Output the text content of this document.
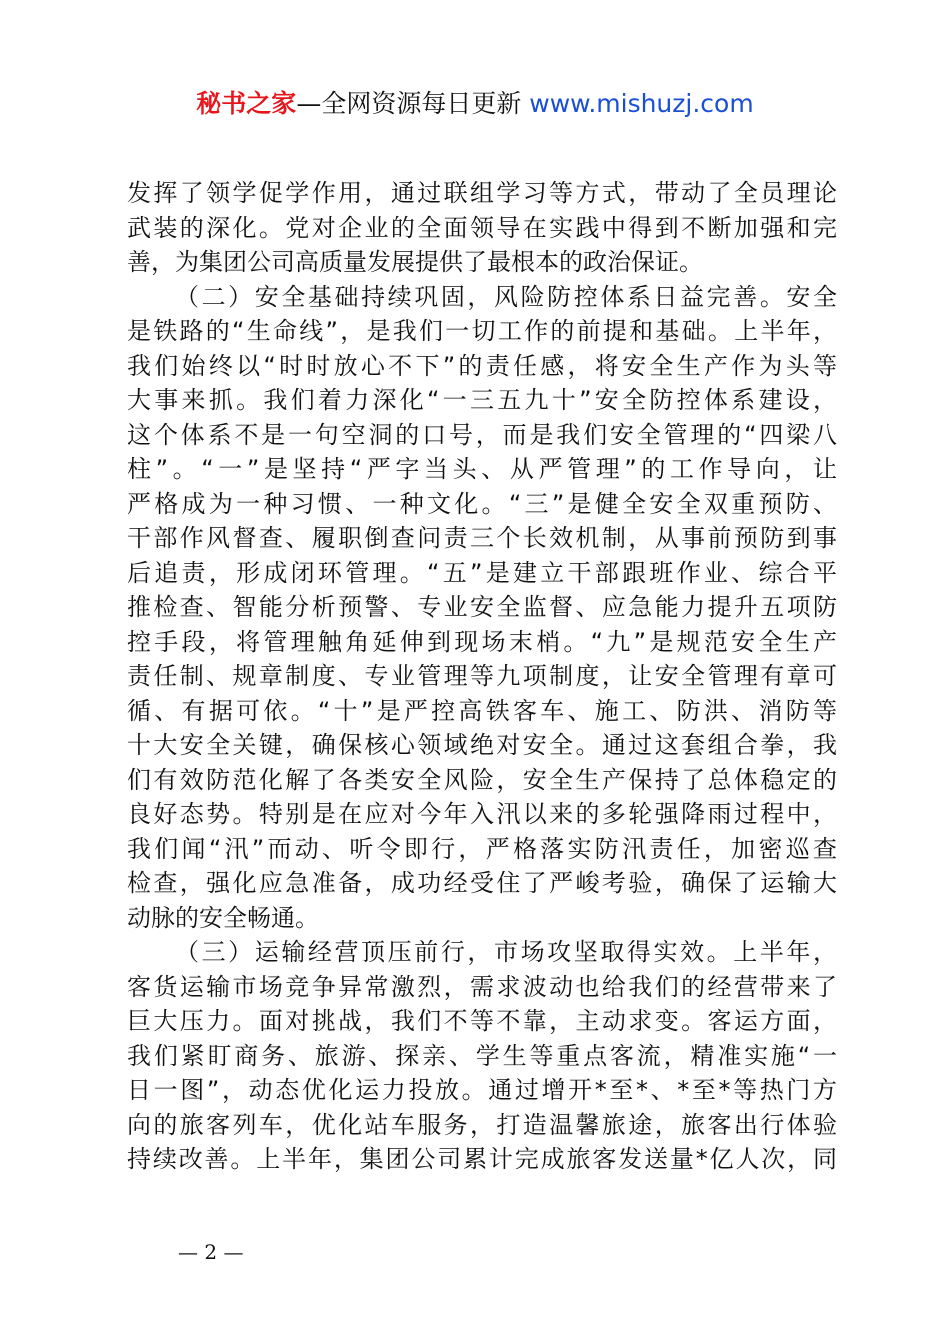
秘书之家—全网资源每日更新 www.mishuzj.com
发挥了领学促学作用，通过联组学习等方式，带动了全员理论
武装的深化。党对企业的全面领导在实践中得到不断加强和完
善，为集团公司高质量发展提供了最根本的政治保证。
（二）安全基础持续巩固，风险防控体系日益完善。安全
是铁路的“生命线”，是我们一切工作的前提和基础。上半年，
我们始终以“时时放心不下”的责任感，将安全生产作为头等
大事来抓。我们着力深化“一三五九十”安全防控体系建设，
这个体系不是一句空洞的口号，而是我们安全管理的“四梁八
柱”。“一”是坚持“严字当头、从严管理”的工作导向，让
严格成为一种习惯、一种文化。“三”是健全安全双重预防、
干部作风督查、履职倒查问责三个长效机制，从事前预防到事
后追责，形成闭环管理。“五”是建立干部跟班作业、综合平
推检查、智能分析预警、专业安全监督、应急能力提升五项防
控手段，将管理触角延伸到现场末梢。“九”是规范安全生产
责任制、规章制度、专业管理等九项制度，让安全管理有章可
循、有据可依。“十”是严控高铁客车、施工、防洪、消防等
十大安全关键，确保核心领域绝对安全。通过这套组合拳，我
们有效防范化解了各类安全风险，安全生产保持了总体稳定的
良好态势。特别是在应对今年入汛以来的多轮强降雨过程中，
我们闻“汛”而动、听令即行，严格落实防汛责任，加密巡查
检查，强化应急准备，成功经受住了严峻考验，确保了运输大
动脉的安全畅通。
（三）运输经营顶压前行，市场攻坚取得实效。上半年，
客货运输市场竞争异常激烈，需求波动也给我们的经营带来了
巨大压力。面对挑战，我们不等不靠，主动求变。客运方面，
我们紧盯商务、旅游、探亲、学生等重点客流，精准实施“一
日一图”，动态优化运力投放。通过增开*至*、*至*等热门方
向的旅客列车，优化站车服务，打造温馨旅途，旅客出行体验
持续改善。上半年，集团公司累计完成旅客发送量*亿人次，同
— 2 —
